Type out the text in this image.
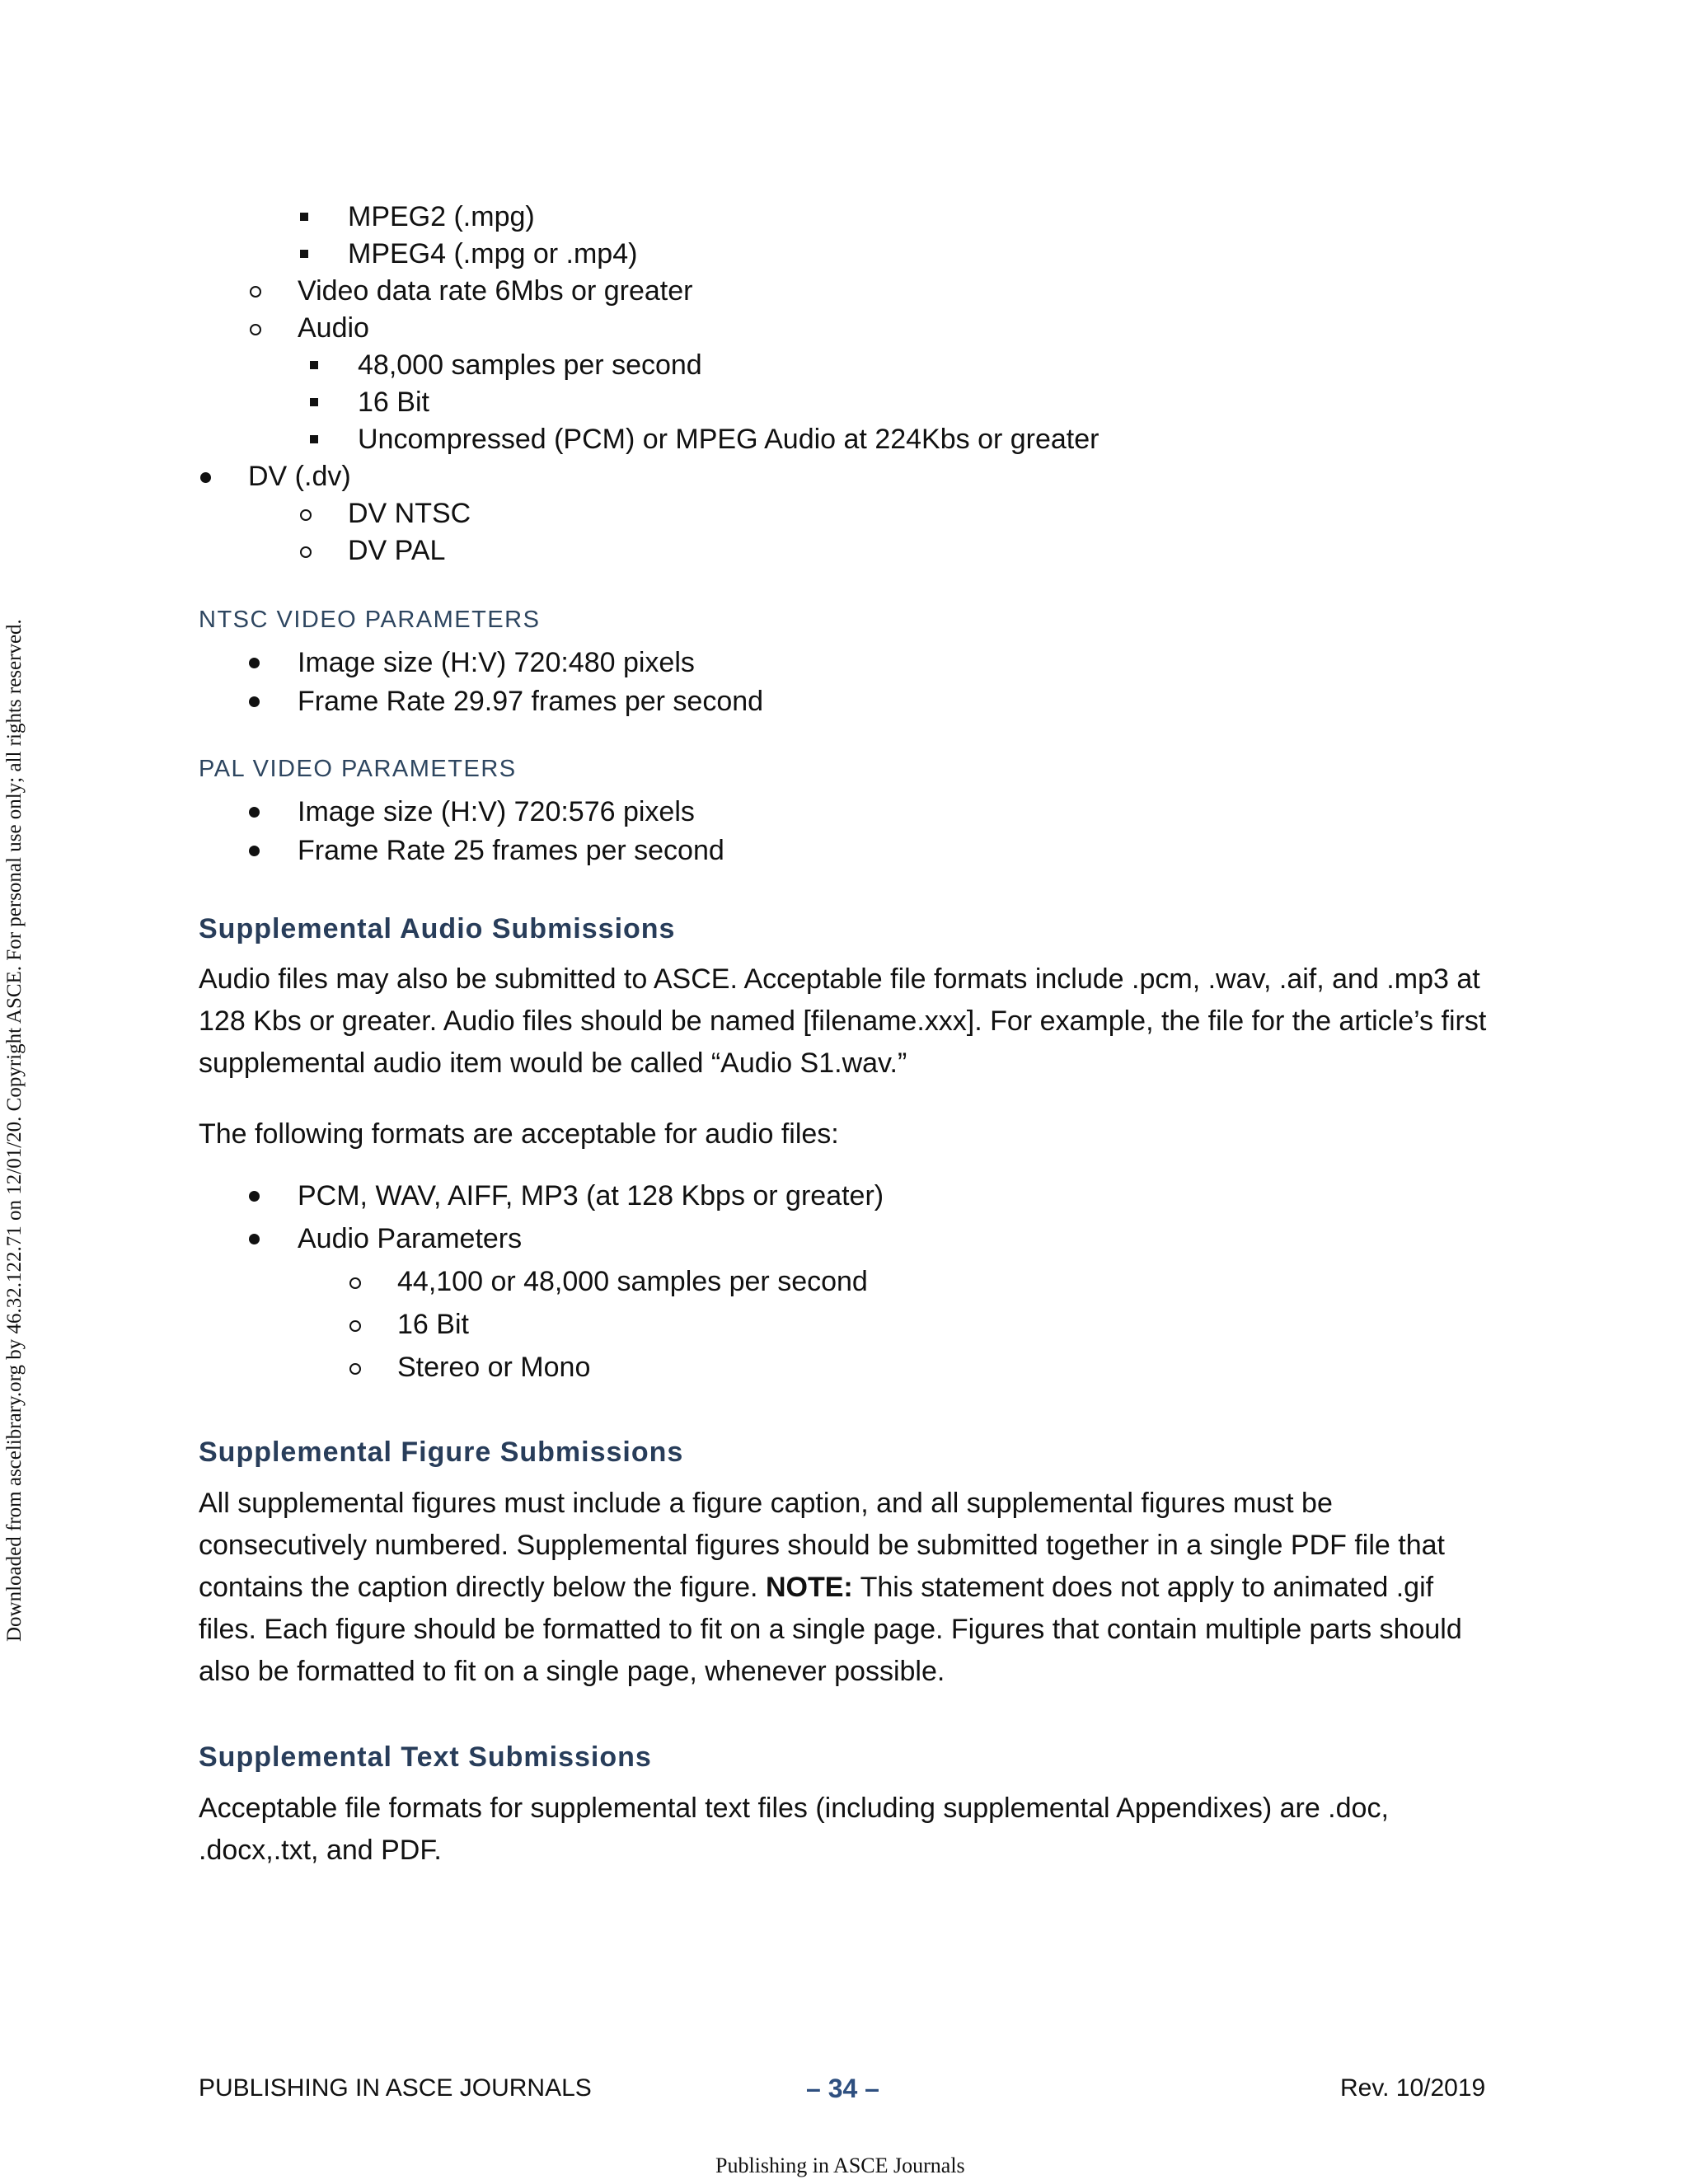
Downloaded from ascelibrary.org by 46.32.122.71 on 12/01/20. Copyright ASCE. For personal use only; all rights reserved.
MPEG2 (.mpg)
MPEG4 (.mpg or .mp4)
Video data rate 6Mbs or greater
Audio
48,000 samples per second
16 Bit
Uncompressed (PCM) or MPEG Audio at 224Kbs or greater
DV (.dv)
DV NTSC
DV PAL
NTSC VIDEO PARAMETERS
Image size (H:V) 720:480 pixels
Frame Rate 29.97 frames per second
PAL VIDEO PARAMETERS
Image size (H:V) 720:576 pixels
Frame Rate 25 frames per second
Supplemental Audio Submissions
Audio files may also be submitted to ASCE. Acceptable file formats include .pcm, .wav, .aif, and .mp3 at 128 Kbs or greater. Audio files should be named [filename.xxx]. For example, the file for the article’s first supplemental audio item would be called “Audio S1.wav.”
The following formats are acceptable for audio files:
PCM, WAV, AIFF, MP3 (at 128 Kbps or greater)
Audio Parameters
44,100 or 48,000 samples per second
16 Bit
Stereo or Mono
Supplemental Figure Submissions
All supplemental figures must include a figure caption, and all supplemental figures must be consecutively numbered. Supplemental figures should be submitted together in a single PDF file that contains the caption directly below the figure. NOTE: This statement does not apply to animated .gif files. Each figure should be formatted to fit on a single page. Figures that contain multiple parts should also be formatted to fit on a single page, whenever possible.
Supplemental Text Submissions
Acceptable file formats for supplemental text files (including supplemental Appendixes) are .doc, .docx,.txt, and PDF.
PUBLISHING IN ASCE JOURNALS	– 34 –	Rev. 10/2019
Publishing in ASCE Journals
